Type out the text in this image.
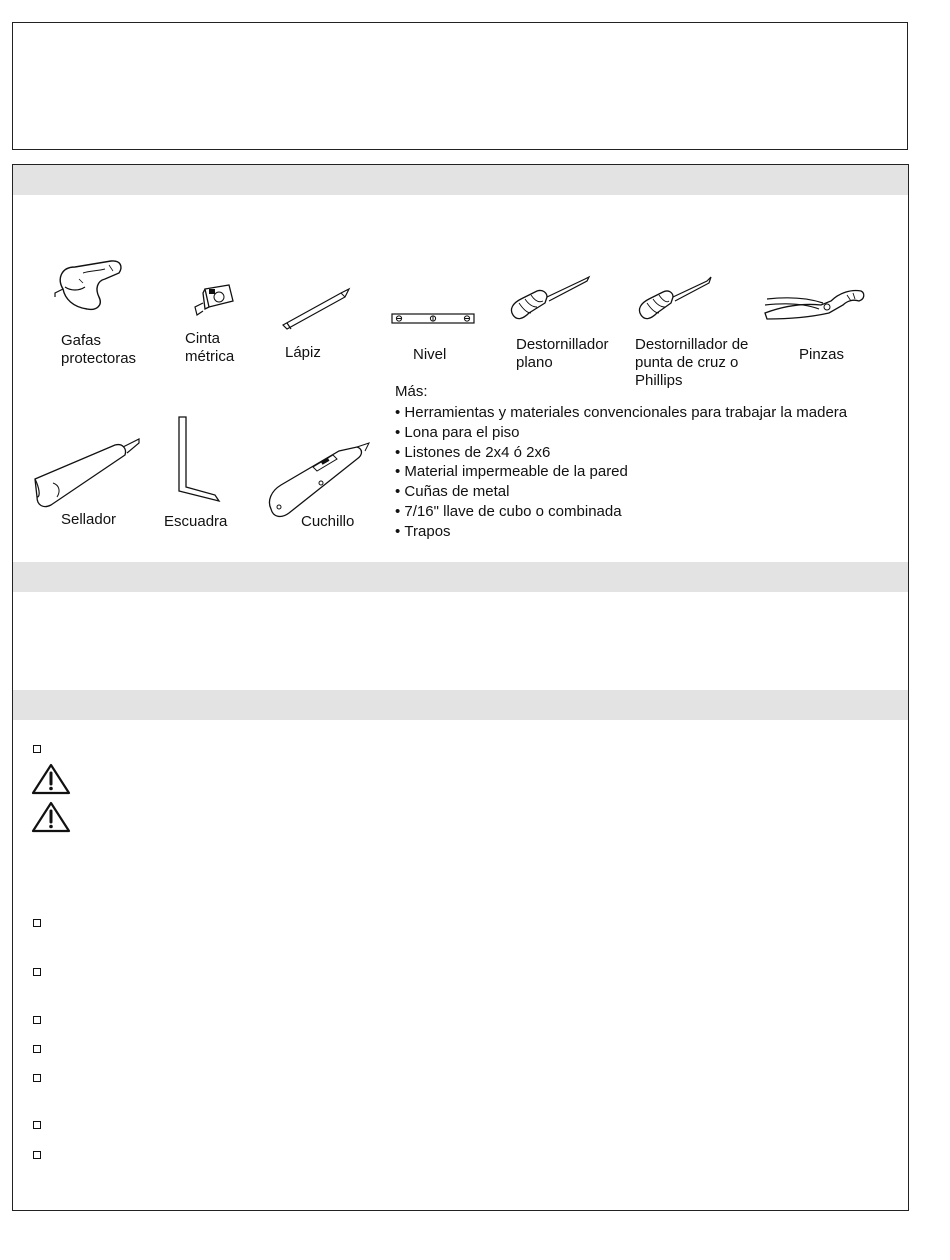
Gafas
protectoras
Cinta
métrica	Lápiz	Nivel
Destornillador
plano
Destornillador de
punta de cruz o
Phillips
Pinzas
Sellador	Escuadra	Cuchillo
Más:
• Herramientas y materiales convencionales para trabajar la madera
• Lona para el piso
• Listones de 2x4 ó 2x6
• Material impermeable de la pared
• Cuñas de metal
• 7/16" llave de cubo o combinada
• Trapos
